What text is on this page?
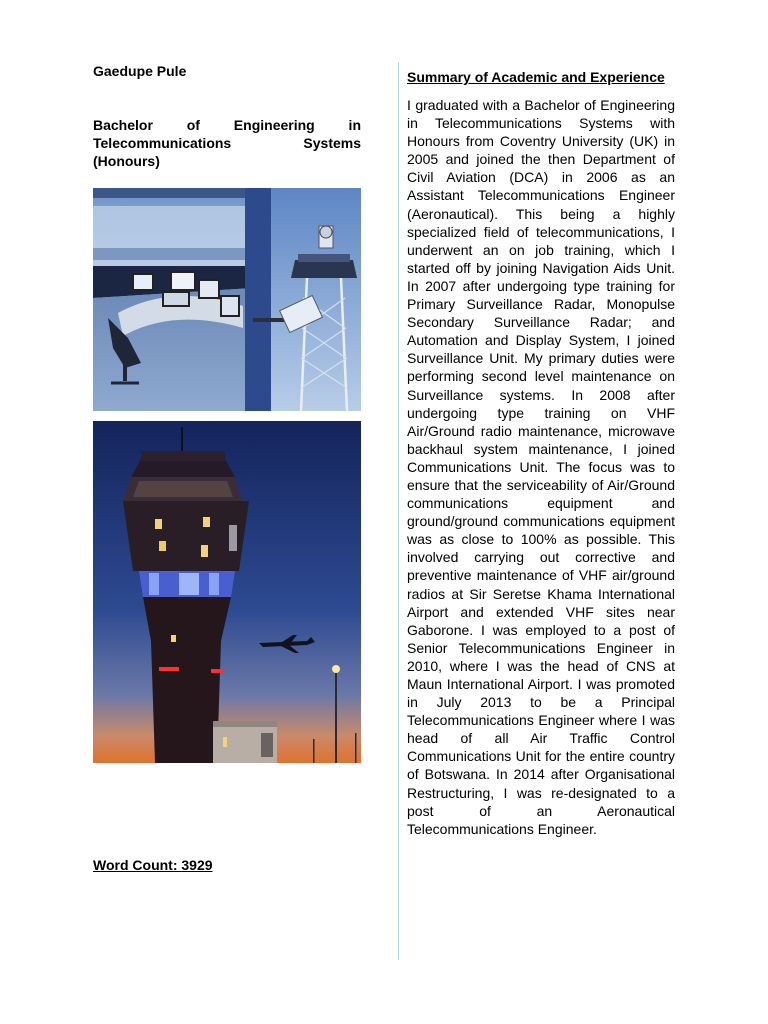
Gaedupe Pule

Bachelor of Engineering in Telecommunications Systems (Honours)

Word Count: 3929

Summary of Academic and Experience

I graduated with a Bachelor of Engineering in Telecommunications Systems with Honours from Coventry University (UK) in 2005 and joined the then Department of Civil Aviation (DCA) in 2006 as an Assistant Telecommunications Engineer (Aeronautical). This being a highly specialized field of telecommunications, I underwent an on job training, which I started off by joining Navigation Aids Unit. In 2007 after undergoing type training for Primary Surveillance Radar, Monopulse Secondary Surveillance Radar; and Automation and Display System, I joined Surveillance Unit. My primary duties were performing second level maintenance on Surveillance systems. In 2008 after undergoing type training on VHF Air/Ground radio maintenance, microwave backhaul system maintenance, I joined Communications Unit. The focus was to ensure that the serviceability of Air/Ground communications equipment and ground/ground communications equipment was as close to 100% as possible. This involved carrying out corrective and preventive maintenance of VHF air/ground radios at Sir Seretse Khama International Airport and extended VHF sites near Gaborone. I was employed to a post of Senior Telecommunications Engineer in 2010, where I was the head of CNS at Maun International Airport. I was promoted in July 2013 to be a Principal Telecommunications Engineer where I was head of all Air Traffic Control Communications Unit for the entire country of Botswana. In 2014 after Organisational Restructuring, I was re-designated to a post of an Aeronautical Telecommunications Engineer.
